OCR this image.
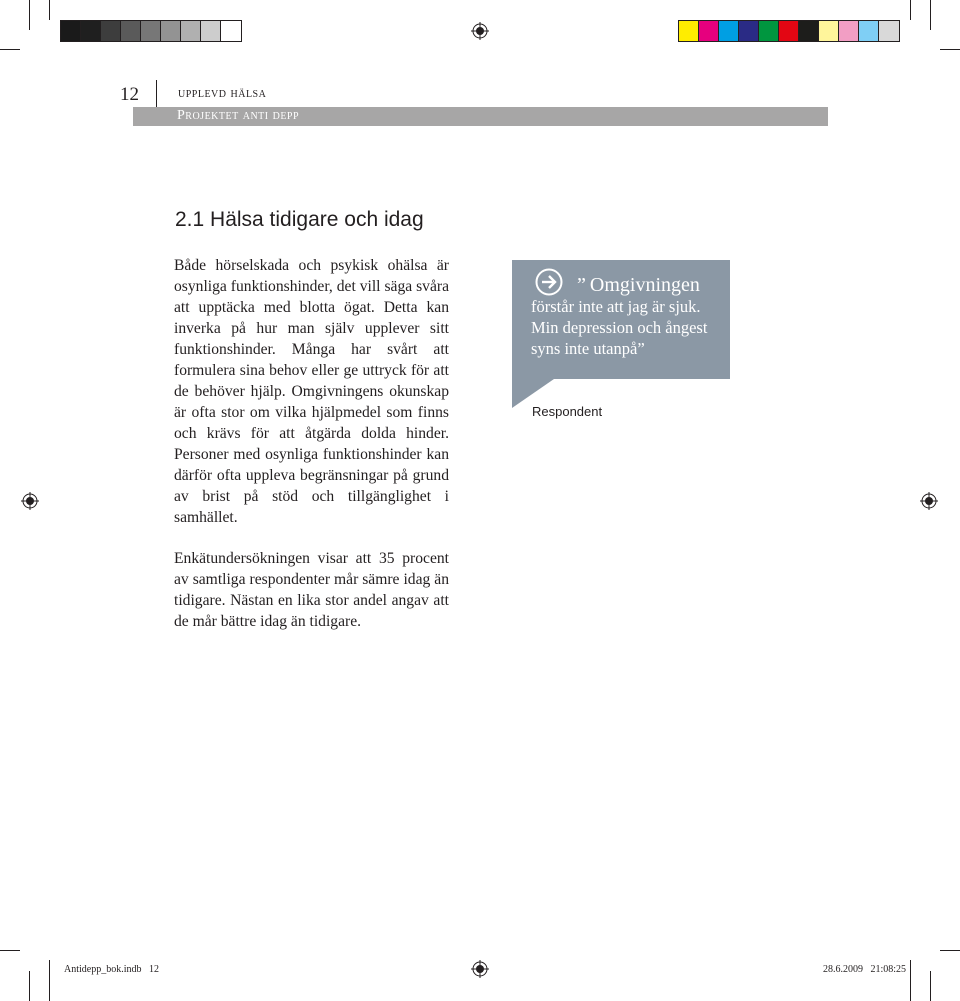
12	upplevd hälsa
Projektet anti depp
2.1 Hälsa tidigare och idag
Både hörselskada och psykisk ohälsa är osynliga funktionshinder, det vill säga svåra att upptäcka med blotta ögat. Detta kan inverka på hur man själv upplever sitt funktionshinder. Många har svårt att formulera sina behov eller ge uttryck för att de behöver hjälp. Omgivningens okunskap är ofta stor om vilka hjälpmedel som finns och krävs för att åtgärda dolda hinder. Personer med osynliga funktionshinder kan därför ofta uppleva begränsningar på grund av brist på stöd och tillgänglighet i samhället.
Enkätundersökningen visar att 35 procent av samtliga respondenter mår sämre idag än tidigare. Nästan en lika stor andel angav att de mår bättre idag än tidigare.
” Omgivningen
förstår inte att jag är sjuk. Min depression och ångest syns inte utanpå”
Respondent
Antidepp_bok.indb   12	28.6.2009   21:08:25
